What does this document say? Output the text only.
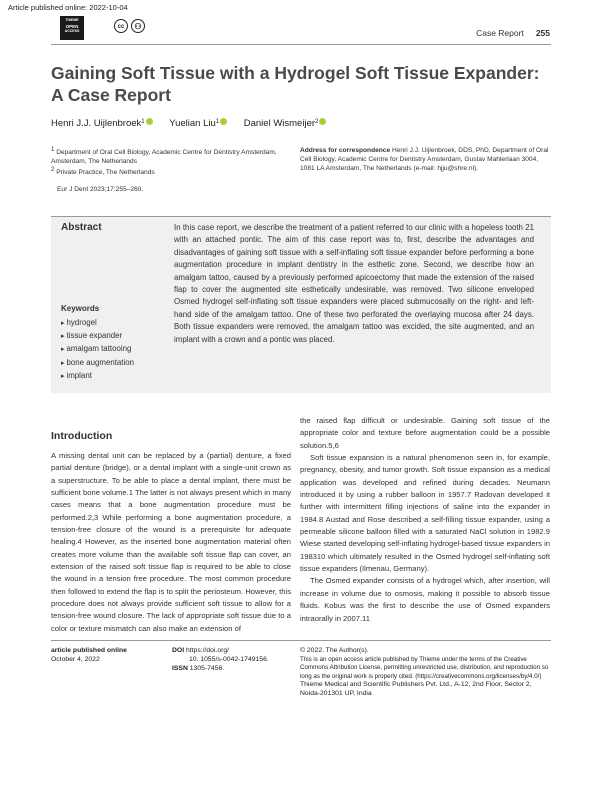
Article published online: 2022-10-04
THIEME
OPEN
ACCESS
cc	⚇
Case Report 255
Gaining Soft Tissue with a Hydrogel Soft Tissue Expander: A Case Report
Henri J.J. Uijlenbroek$^1$	Yuelian Liu$^1$	Daniel Wismeijer$^2$
1 Department of Oral Cell Biology, Academic Centre for Dentistry Amsterdam, Amsterdam, The Netherlands
2 Private Practice, The Netherlands
Address for correspondence Henri J.J. Uijlenbroek, DDS, PhD, Department of Oral Cell Biology, Academic Centre for Dentistry Amsterdam, Gustav Mahlerlaan 3004, 1081 LA Amsterdam, The Netherlands (e-mail: hjju@shre.nl).
Eur J Dent 2023;17:255–260.
Abstract	In this case report, we describe the treatment of a patient referred to our clinic with a hopeless tooth 21 with an attached pontic. The aim of this case report was to, first, describe the advantages and disadvantages of gaining soft tissue with a self-inflating soft tissue expander before performing a bone augmentation procedure in implant dentistry in the esthetic zone. Second, we describe how an amalgam tattoo, caused by a previously performed apicoectomy that made the extension of the raised flap to cover the augmented site esthetically undesirable, was removed. Two silicone enveloped Osmed hydrogel self-inflating soft tissue expanders were placed submucosally on the right- and left-hand side of the amalgam tattoo. One of these two perforated the overlaying mucosa after 24 days. Both tissue expanders were removed, the amalgam tattoo was excided, the site augmented, and an implant with a crown and a pontic was placed.
Keywords
▸ hydrogel
▸ tissue expander
▸ amalgam tattooing
▸ bone augmentation
▸ implant
Introduction
A missing dental unit can be replaced by a (partial) denture, a fixed partial denture (bridge), or a dental implant with a single-unit crown as a superstructure. To be able to place a dental implant, there must be sufficient bone volume.1 The latter is not always present which in many cases means that a bone augmentation procedure must be performed.2,3 While performing a bone augmentation procedure, a tension-free closure of the wound is a prerequisite for adequate healing.4 However, as the inserted bone augmentation material often creates more volume than the available soft tissue flap can cover, an extension of the raised soft tissue flap is required to be able to close the wound in a tension free procedure. The most common procedure then followed to extend the flap is to split the periosteum. However, this procedure does not always provide sufficient soft tissue to allow for a tension-free wound closure. The lack of appropriate soft tissue due to a color or texture mismatch can also make an extension of

the raised flap difficult or undesirable. Gaining soft tissue of the appropriate color and texture before augmentation could be a possible solution.5,6

Soft tissue expansion is a natural phenomenon seen in, for example, pregnancy, obesity, and tumor growth. Soft tissue expansion as a medical application was developed and refined during decades. Neumann introduced it by using a rubber balloon in 1957.7 Radovan developed it further with intermittent filling injections of saline into the expander in 1984.8 Austad and Rose described a self-filling tissue expander, using a permeable silicone balloon filled with a saturated NaCl solution in 1982.9 Wiese started developing self-inflating hydrogel-based tissue expanders in 198310 which ultimately resulted in the Osmed hydrogel self-inflating soft tissue expanders (Ilmenau, Germany).

The Osmed expander consists of a hydrogel which, after insertion, will increase in volume due to osmosis, making it possible to absorb tissue fluids. Kobus was the first to describe the use of Osmed expanders intraorally in 2007.11

article published online
October 4, 2022
DOI https://doi.org/
10. 1055/s-0042-1749156.
ISSN 1305-7456.
© 2022. The Author(s).
This is an open access article published by Thieme under the terms of the Creative Commons Attribution License, permitting unrestricted use, distribution, and reproduction so long as the original work is properly cited. (https://creativecommons.org/licenses/by/4.0/)
Thieme Medical and Scientific Publishers Pvt. Ltd., A-12, 2nd Floor, Sector 2, Noida-201301 UP, India
